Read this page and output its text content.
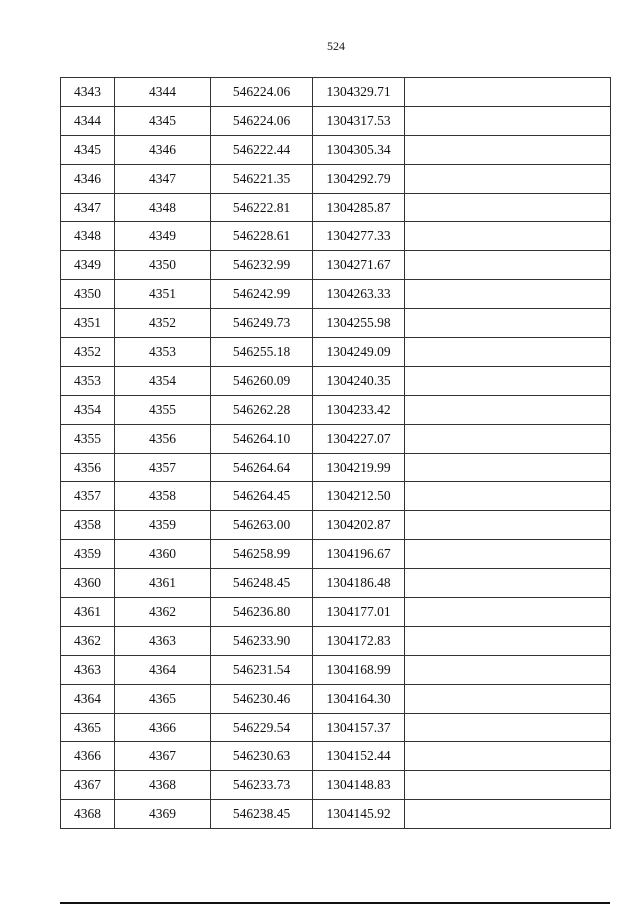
524
4343	4344	546224.06	1304329.71	
4344	4345	546224.06	1304317.53	
4345	4346	546222.44	1304305.34	
4346	4347	546221.35	1304292.79	
4347	4348	546222.81	1304285.87	
4348	4349	546228.61	1304277.33	
4349	4350	546232.99	1304271.67	
4350	4351	546242.99	1304263.33	
4351	4352	546249.73	1304255.98	
4352	4353	546255.18	1304249.09	
4353	4354	546260.09	1304240.35	
4354	4355	546262.28	1304233.42	
4355	4356	546264.10	1304227.07	
4356	4357	546264.64	1304219.99	
4357	4358	546264.45	1304212.50	
4358	4359	546263.00	1304202.87	
4359	4360	546258.99	1304196.67	
4360	4361	546248.45	1304186.48	
4361	4362	546236.80	1304177.01	
4362	4363	546233.90	1304172.83	
4363	4364	546231.54	1304168.99	
4364	4365	546230.46	1304164.30	
4365	4366	546229.54	1304157.37	
4366	4367	546230.63	1304152.44	
4367	4368	546233.73	1304148.83	
4368	4369	546238.45	1304145.92	
